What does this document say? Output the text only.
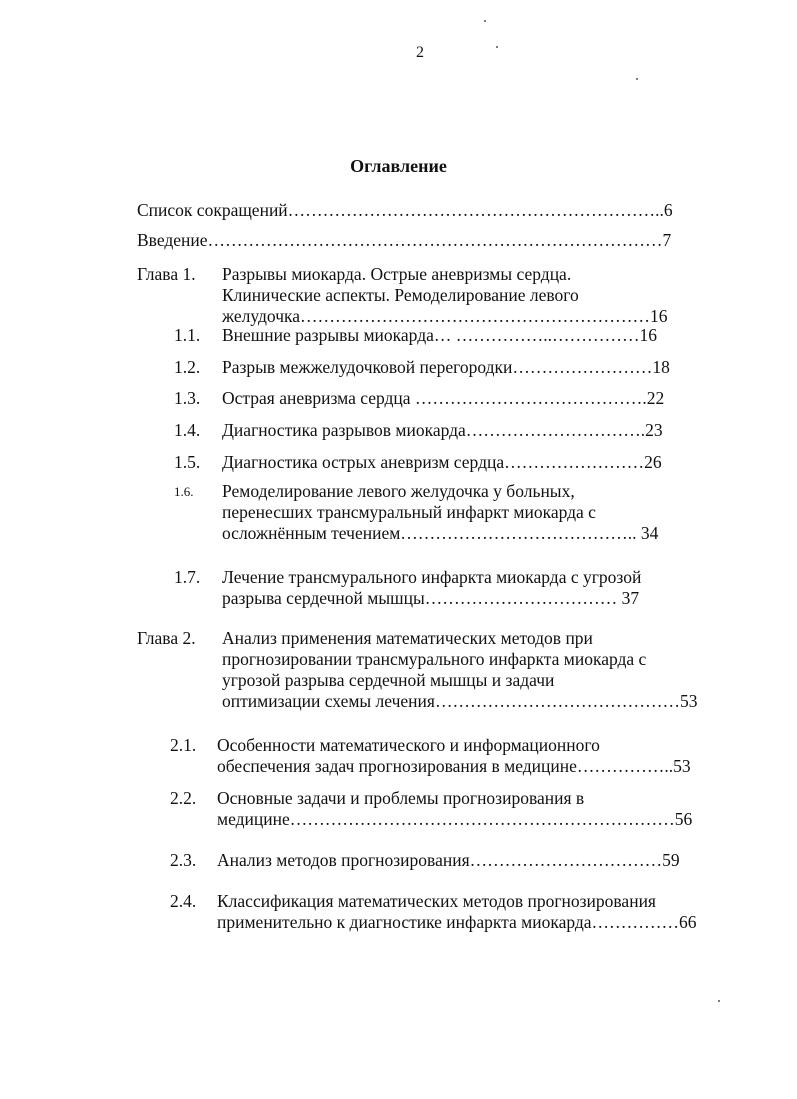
2
Оглавление
Список сокращений………………………………………………………..6
Введение……………………………………………………………………7
Глава 1. Разрывы миокарда. Острые аневризмы сердца.
Клинические аспекты. Ремоделирование левого
желудочка……………………………………………………16
1.1. Внешние разрывы миокарда… ……………..……………16
1.2. Разрыв межжелудочковой перегородки……………………18
1.3. Острая аневризма сердца ………………………………….22
1.4. Диагностика разрывов миокарда………………………….23
1.5. Диагностика острых аневризм сердца……………………26
1.6. Ремоделирование левого желудочка у больных,
перенесших трансмуральный инфаркт миокарда с
осложнённым течением………………………………….. 34
1.7. Лечение трансмурального инфаркта миокарда с угрозой
разрыва сердечной мышцы…………………………… 37
Глава 2. Анализ применения математических методов при
прогнозировании трансмурального инфаркта миокарда с
угрозой разрыва сердечной мышцы и задачи
оптимизации схемы лечения……………………………………53
2.1. Особенности математического и информационного
обеспечения задач прогнозирования в медицине……………..53
2.2. Основные задачи и проблемы прогнозирования в
медицине…………………………………………………………56
2.3. Анализ методов прогнозирования……………………………59
2.4. Классификация математических методов прогнозирования
применительно к диагностике инфаркта миокарда……………66
